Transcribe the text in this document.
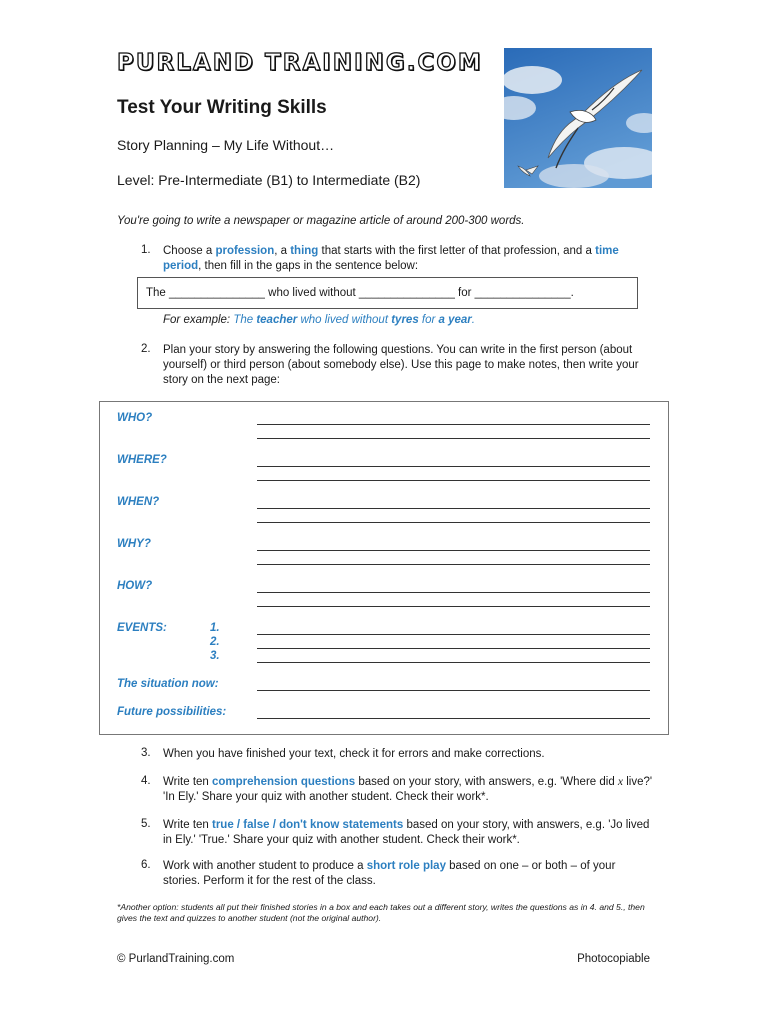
PURLAND TRAINING.COM
Test Your Writing Skills
Story Planning – My Life Without…
Level: Pre-Intermediate (B1) to Intermediate (B2)
You're going to write a newspaper or magazine article of around 200-300 words.
1. Choose a profession, a thing that starts with the first letter of that profession, and a time period, then fill in the gaps in the sentence below:
The _______________ who lived without _______________ for _______________.
For example: The teacher who lived without tyres for a year.
2. Plan your story by answering the following questions. You can write in the first person (about yourself) or third person (about somebody else). Use this page to make notes, then write your story on the next page:
WHO?
WHERE?
WHEN?
WHY?
HOW?
EVENTS:	1.
2.
3.
The situation now:
Future possibilities:
3. When you have finished your text, check it for errors and make corrections.
4. Write ten comprehension questions based on your story, with answers, e.g. 'Where did x live?' 'In Ely.' Share your quiz with another student. Check their work*.
5. Write ten true / false / don't know statements based on your story, with answers, e.g. 'Jo lived in Ely.' 'True.' Share your quiz with another student. Check their work*.
6. Work with another student to produce a short role play based on one – or both – of your stories. Perform it for the rest of the class.
*Another option: students all put their finished stories in a box and each takes out a different story, writes the questions as in 4. and 5., then gives the text and quizzes to another student (not the original author).
© PurlandTraining.com	Photocopiable
